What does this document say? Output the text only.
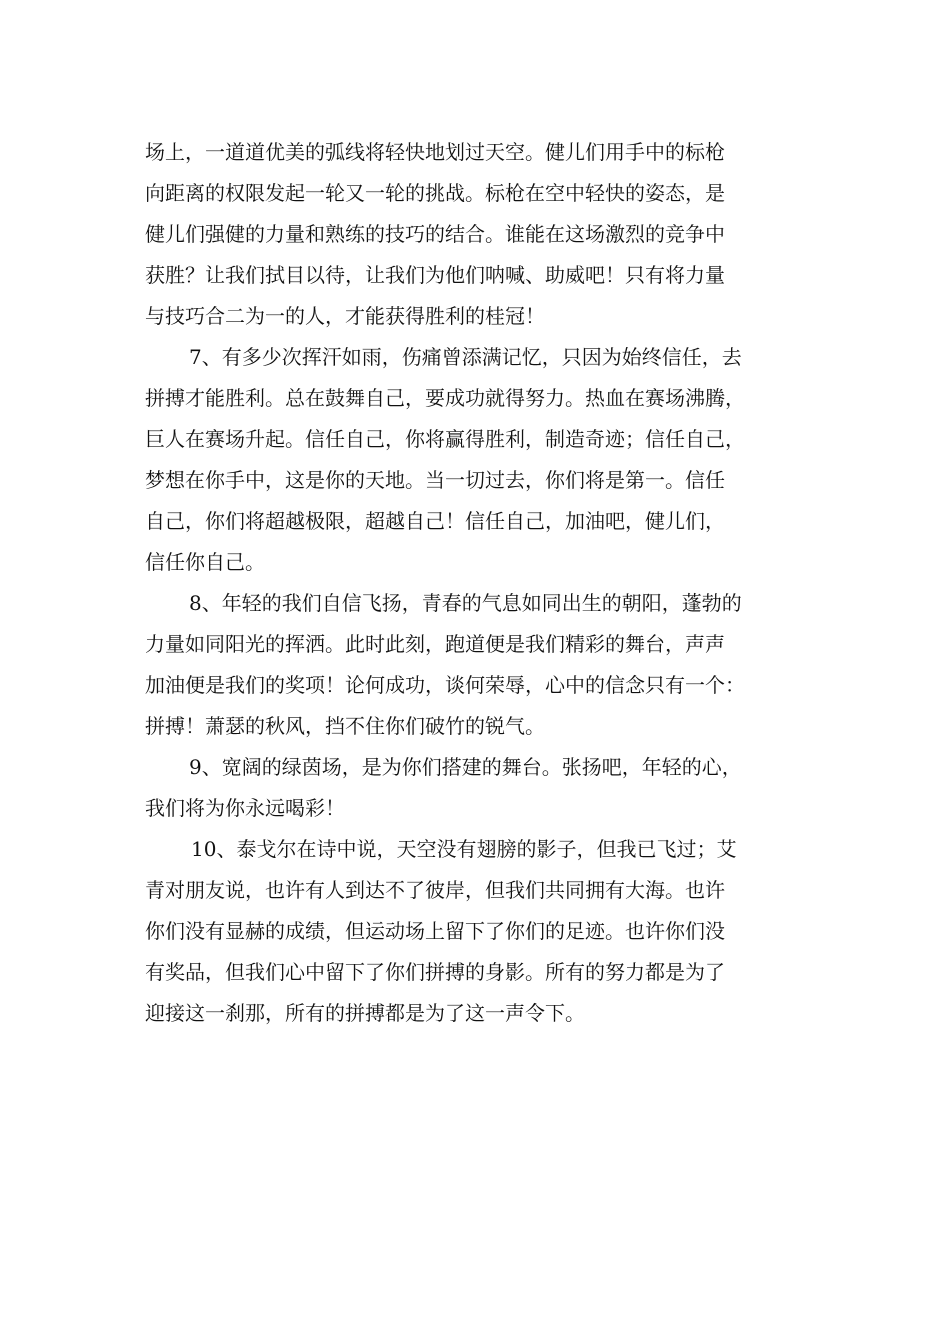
场上，一道道优美的弧线将轻快地划过天空。健儿们用手中的标枪
向距离的权限发起一轮又一轮的挑战。标枪在空中轻快的姿态，是
健儿们强健的力量和熟练的技巧的结合。谁能在这场激烈的竞争中
获胜？让我们拭目以待，让我们为他们呐喊、助威吧！只有将力量
与技巧合二为一的人，才能获得胜利的桂冠！
7、有多少次挥汗如雨，伤痛曾添满记忆，只因为始终信任，去
拼搏才能胜利。总在鼓舞自己，要成功就得努力。热血在赛场沸腾，
巨人在赛场升起。信任自己，你将赢得胜利，制造奇迹；信任自己，
梦想在你手中，这是你的天地。当一切过去，你们将是第一。信任
自己，你们将超越极限，超越自己！信任自己，加油吧，健儿们，
信任你自己。
8、年轻的我们自信飞扬，青春的气息如同出生的朝阳，蓬勃的
力量如同阳光的挥洒。此时此刻，跑道便是我们精彩的舞台，声声
加油便是我们的奖项！论何成功，谈何荣辱，心中的信念只有一个：
拼搏！萧瑟的秋风，挡不住你们破竹的锐气。
9、宽阔的绿茵场，是为你们搭建的舞台。张扬吧，年轻的心，
我们将为你永远喝彩！
10、泰戈尔在诗中说，天空没有翅膀的影子，但我已飞过；艾
青对朋友说，也许有人到达不了彼岸，但我们共同拥有大海。也许
你们没有显赫的成绩，但运动场上留下了你们的足迹。也许你们没
有奖品，但我们心中留下了你们拼搏的身影。所有的努力都是为了
迎接这一刹那，所有的拼搏都是为了这一声令下。
